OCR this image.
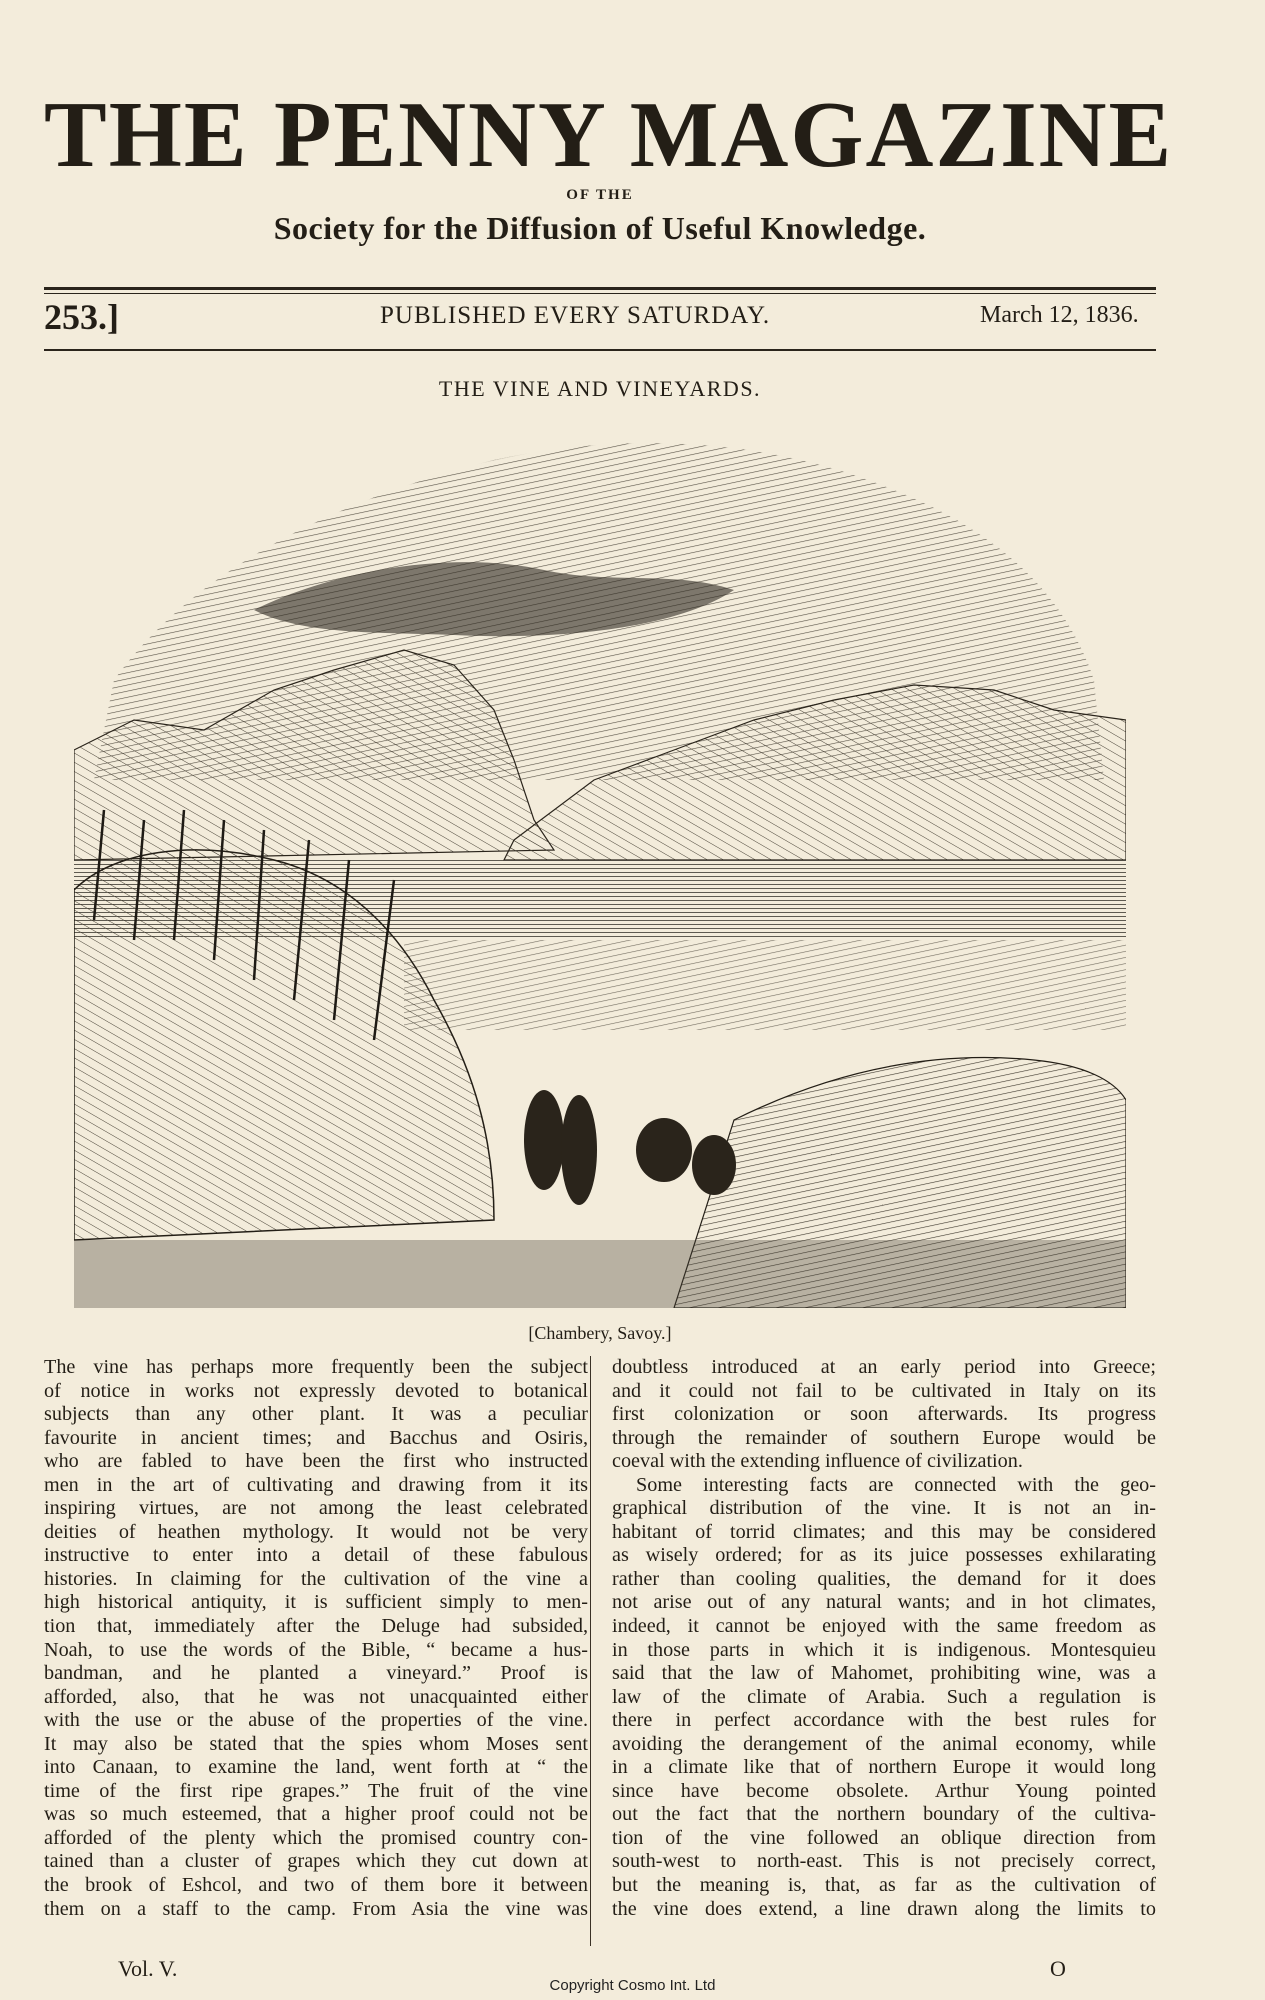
THE PENNY MAGAZINE
OF THE
Society for the Diffusion of Useful Knowledge.
253.]	PUBLISHED EVERY SATURDAY.	March 12, 1836.
THE VINE AND VINEYARDS.
[Chambery, Savoy.]
The vine has perhaps more frequently been the subject
of notice in works not expressly devoted to botanical
subjects than any other plant. It was a peculiar
favourite in ancient times; and Bacchus and Osiris,
who are fabled to have been the first who instructed
men in the art of cultivating and drawing from it its
inspiring virtues, are not among the least celebrated
deities of heathen mythology. It would not be very
instructive to enter into a detail of these fabulous
histories. In claiming for the cultivation of the vine a
high historical antiquity, it is sufficient simply to men-
tion that, immediately after the Deluge had subsided,
Noah, to use the words of the Bible, “ became a hus-
bandman, and he planted a vineyard.” Proof is
afforded, also, that he was not unacquainted either
with the use or the abuse of the properties of the vine.
It may also be stated that the spies whom Moses sent
into Canaan, to examine the land, went forth at “ the
time of the first ripe grapes.” The fruit of the vine
was so much esteemed, that a higher proof could not be
afforded of the plenty which the promised country con-
tained than a cluster of grapes which they cut down at
the brook of Eshcol, and two of them bore it between
them on a staff to the camp. From Asia the vine was
doubtless introduced at an early period into Greece;
and it could not fail to be cultivated in Italy on its
first colonization or soon afterwards. Its progress
through the remainder of southern Europe would be
coeval with the extending influence of civilization.
Some interesting facts are connected with the geo-
graphical distribution of the vine. It is not an in-
habitant of torrid climates; and this may be considered
as wisely ordered; for as its juice possesses exhilarating
rather than cooling qualities, the demand for it does
not arise out of any natural wants; and in hot climates,
indeed, it cannot be enjoyed with the same freedom as
in those parts in which it is indigenous. Montesquieu
said that the law of Mahomet, prohibiting wine, was a
law of the climate of Arabia. Such a regulation is
there in perfect accordance with the best rules for
avoiding the derangement of the animal economy, while
in a climate like that of northern Europe it would long
since have become obsolete. Arthur Young pointed
out the fact that the northern boundary of the cultiva-
tion of the vine followed an oblique direction from
south-west to north-east. This is not precisely correct,
but the meaning is, that, as far as the cultivation of
the vine does extend, a line drawn along the limits to
Vol. V.	O
Copyright Cosmo Int. Ltd
